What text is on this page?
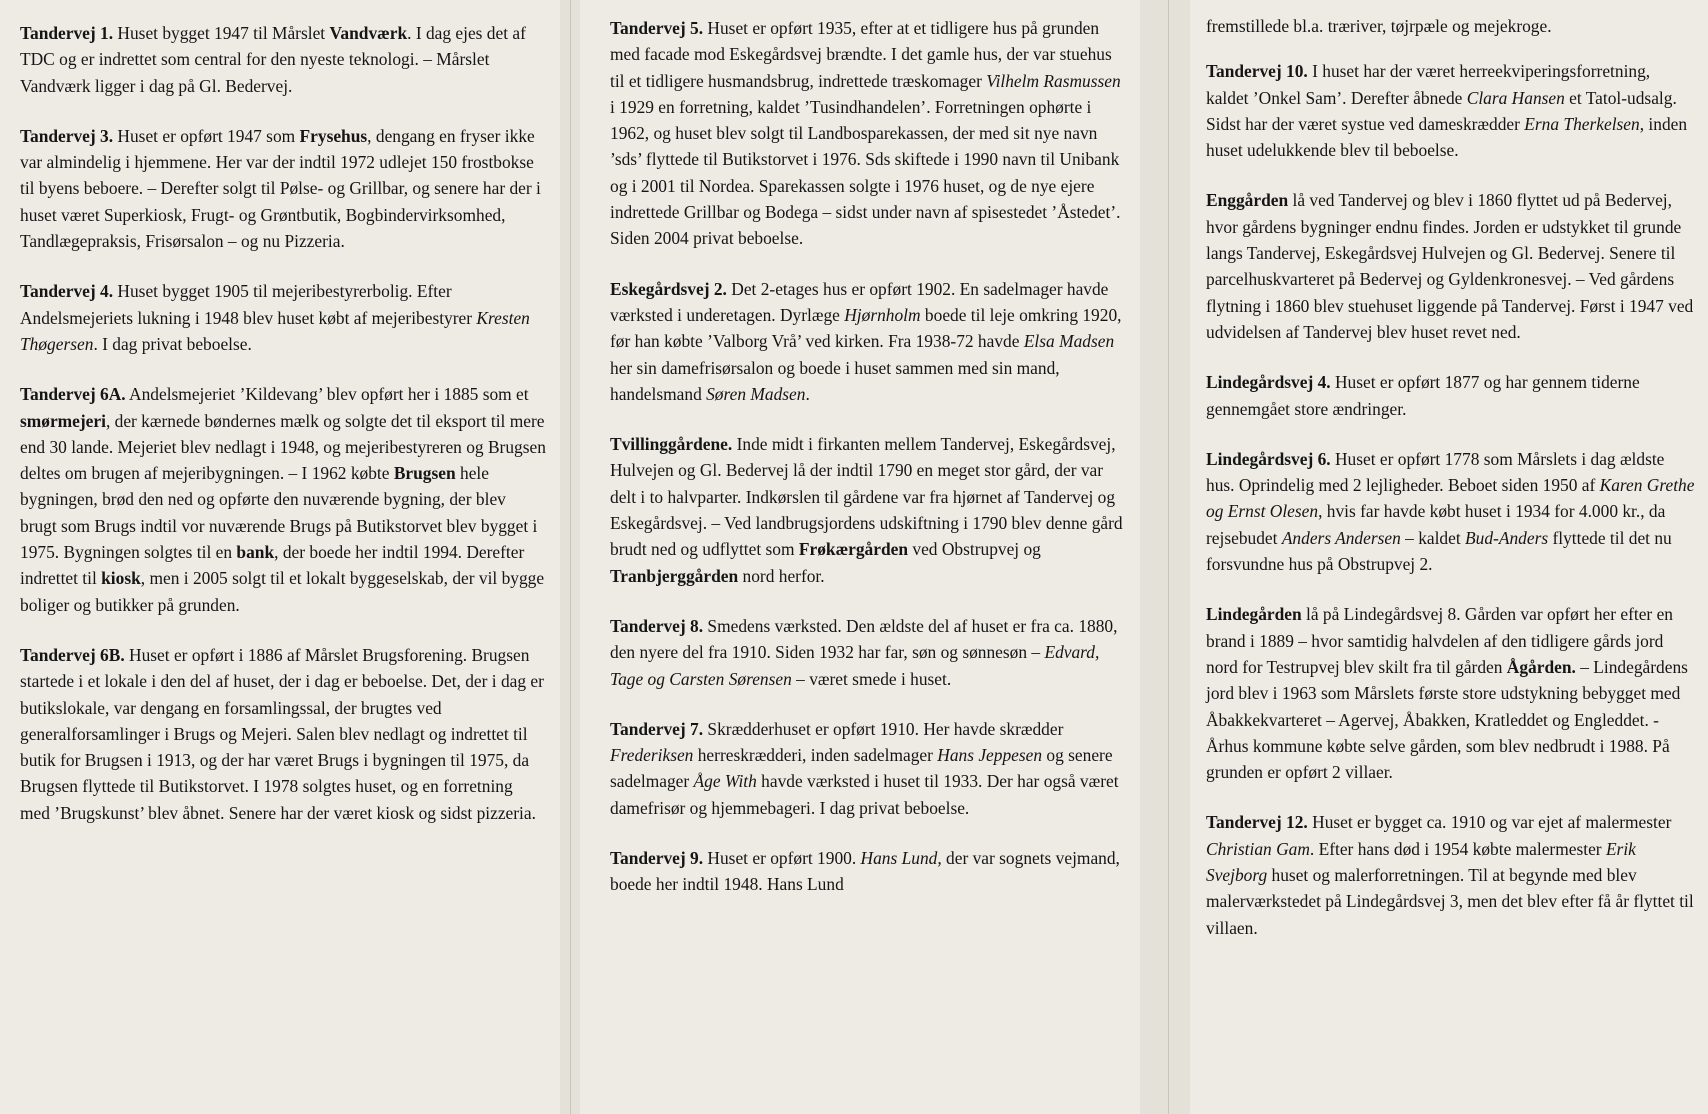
Tandervej 1. Huset bygget 1947 til Mårslet Vandværk. I dag ejes det af TDC og er indrettet som central for den nyeste teknologi. – Mårslet Vandværk ligger i dag på Gl. Bedervej.

Tandervej 3. Huset er opført 1947 som Frysehus, dengang en fryser ikke var almindelig i hjemmene. Her var der indtil 1972 udlejet 150 frostbokse til byens beboere. – Derefter solgt til Pølse- og Grillbar, og senere har der i huset været Superkiosk, Frugt- og Grøntbutik, Bogbindervirksomhed, Tandlægepraksis, Frisørsalon – og nu Pizzeria.

Tandervej 4. Huset bygget 1905 til mejeribestyrerbolig. Efter Andelsmejeriets lukning i 1948 blev huset købt af mejeribestyrer Kresten Thøgersen. I dag privat beboelse.

Tandervej 6A. Andelsmejeriet ’Kildevang’ blev opført her i 1885 som et smørmejeri, der kærnede bøndernes mælk og solgte det til eksport til mere end 30 lande. Mejeriet blev nedlagt i 1948, og mejeribestyreren og Brugsen deltes om brugen af mejeribygningen. – I 1962 købte Brugsen hele bygningen, brød den ned og opførte den nuværende bygning, der blev brugt som Brugs indtil vor nuværende Brugs på Butikstorvet blev bygget i 1975. Bygningen solgtes til en bank, der boede her indtil 1994. Derefter indrettet til kiosk, men i 2005 solgt til et lokalt byggeselskab, der vil bygge boliger og butikker på grunden.

Tandervej 6B. Huset er opført i 1886 af Mårslet Brugsforening. Brugsen startede i et lokale i den del af huset, der i dag er beboelse. Det, der i dag er butikslokale, var dengang en forsamlingssal, der brugtes ved generalforsamlinger i Brugs og Mejeri. Salen blev nedlagt og indrettet til butik for Brugsen i 1913, og der har været Brugs i bygningen til 1975, da Brugsen flyttede til Butikstorvet. I 1978 solgtes huset, og en forretning med ’Brugskunst’ blev åbnet. Senere har der været kiosk og sidst pizzeria.

Tandervej 5. Huset er opført 1935, efter at et tidligere hus på grunden med facade mod Eskegårdsvej brændte. I det gamle hus, der var stuehus til et tidligere husmandsbrug, indrettede træskomager Vilhelm Rasmussen i 1929 en forretning, kaldet ’Tusindhandelen’. Forretningen ophørte i 1962, og huset blev solgt til Landbosparekassen, der med sit nye navn ’sds’ flyttede til Butikstorvet i 1976. Sds skiftede i 1990 navn til Unibank og i 2001 til Nordea. Sparekassen solgte i 1976 huset, og de nye ejere indrettede Grillbar og Bodega – sidst under navn af spisestedet ’Åstedet’. Siden 2004 privat beboelse.

Eskegårdsvej 2. Det 2-etages hus er opført 1902. En sadelmager havde værksted i underetagen. Dyrlæge Hjørnholm boede til leje omkring 1920, før han købte ’Valborg Vrå’ ved kirken. Fra 1938-72 havde Elsa Madsen her sin damefrisørsalon og boede i huset sammen med sin mand, handelsmand Søren Madsen.

Tvillinggårdene. Inde midt i firkanten mellem Tandervej, Eskegårdsvej, Hulvejen og Gl. Bedervej lå der indtil 1790 en meget stor gård, der var delt i to halvparter. Indkørslen til gårdene var fra hjørnet af Tandervej og Eskegårdsvej. – Ved landbrugsjordens udskiftning i 1790 blev denne gård brudt ned og udflyttet som Frøkærgården ved Obstrupvej og Tranbjerggården nord herfor.

Tandervej 8. Smedens værksted. Den ældste del af huset er fra ca. 1880, den nyere del fra 1910. Siden 1932 har far, søn og sønnesøn – Edvard, Tage og Carsten Sørensen – været smede i huset.

Tandervej 7. Skrædderhuset er opført 1910. Her havde skrædder Frederiksen herreskrædderi, inden sadelmager Hans Jeppesen og senere sadelmager Åge With havde værksted i huset til 1933. Der har også været damefrisør og hjemmebageri. I dag privat beboelse.

Tandervej 9. Huset er opført 1900. Hans Lund, der var sognets vejmand, boede her indtil 1948. Hans Lund

fremstillede bl.a. træriver, tøjrpæle og mejekroge.

Tandervej 10. I huset har der været herreekviperingsforretning, kaldet ’Onkel Sam’. Derefter åbnede Clara Hansen et Tatol-udsalg. Sidst har der været systue ved dameskrædder Erna Therkelsen, inden huset udelukkende blev til beboelse.

Enggården lå ved Tandervej og blev i 1860 flyttet ud på Bedervej, hvor gårdens bygninger endnu findes. Jorden er udstykket til grunde langs Tandervej, Eskegårdsvej Hulvejen og Gl. Bedervej. Senere til parcelhuskvarteret på Bedervej og Gyldenkronesvej. – Ved gårdens flytning i 1860 blev stuehuset liggende på Tandervej. Først i 1947 ved udvidelsen af Tandervej blev huset revet ned.

Lindegårdsvej 4. Huset er opført 1877 og har gennem tiderne gennemgået store ændringer.

Lindegårdsvej 6. Huset er opført 1778 som Mårslets i dag ældste hus. Oprindelig med 2 lejligheder. Beboet siden 1950 af Karen Grethe og Ernst Olesen, hvis far havde købt huset i 1934 for 4.000 kr., da rejsebudet Anders Andersen – kaldet Bud-Anders flyttede til det nu forsvundne hus på Obstrupvej 2.

Lindegården lå på Lindegårdsvej 8. Gården var opført her efter en brand i 1889 – hvor samtidig halvdelen af den tidligere gårds jord nord for Testrupvej blev skilt fra til gården Ågården. – Lindegårdens jord blev i 1963 som Mårslets første store udstykning bebygget med Åbakkekvarteret – Agervej, Åbakken, Kratleddet og Engleddet. - Århus kommune købte selve gården, som blev nedbrudt i 1988. På grunden er opført 2 villaer.

Tandervej 12. Huset er bygget ca. 1910 og var ejet af malermester Christian Gam. Efter hans død i 1954 købte malermester Erik Svejborg huset og malerforretningen. Til at begynde med blev malerværkstedet på Lindegårdsvej 3, men det blev efter få år flyttet til villaen.
